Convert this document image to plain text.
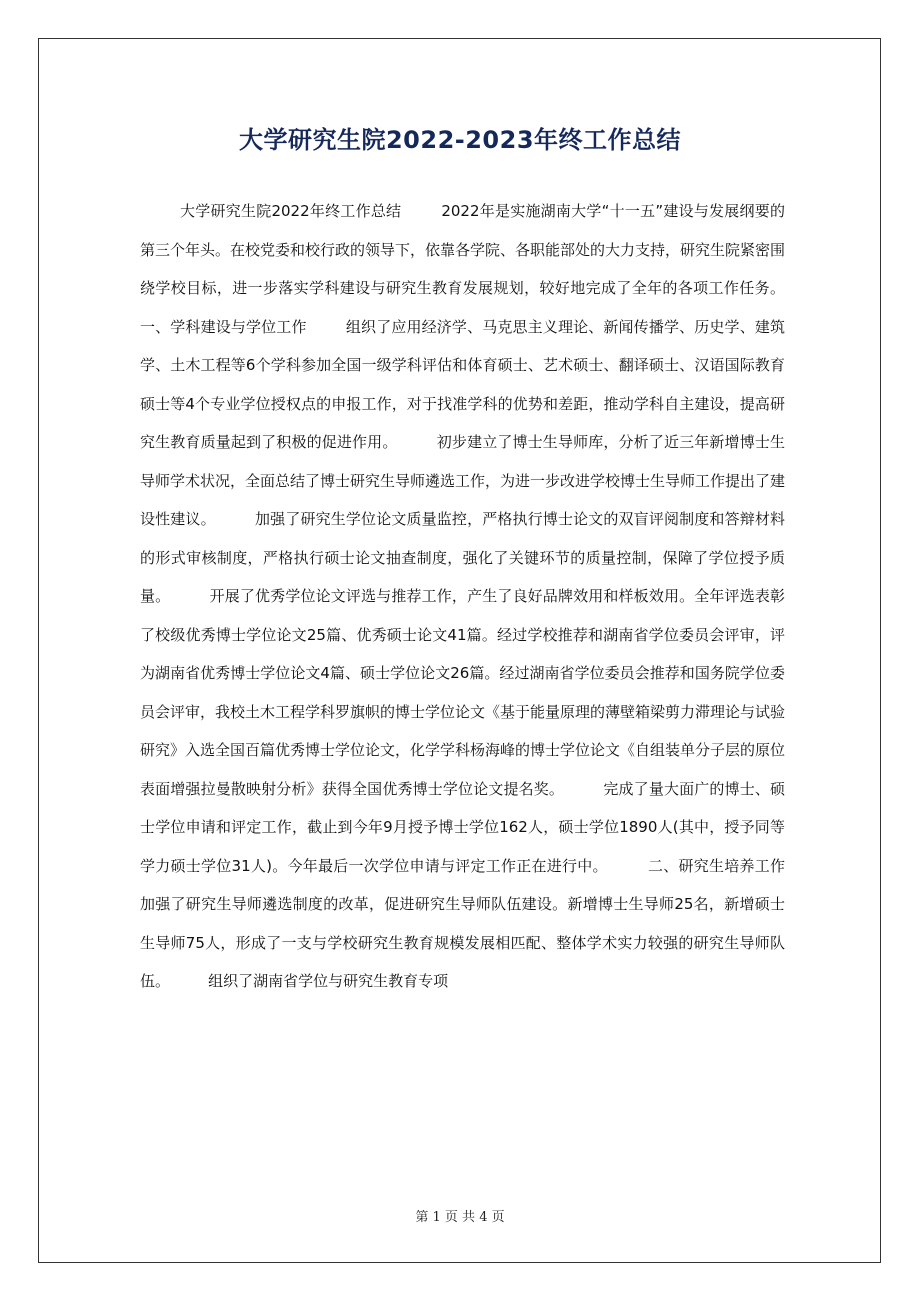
大学研究生院2022-2023年终工作总结
大学研究生院2022年终工作总结        2022年是实施湖南大学“十一五”建设与发展纲要的第三个年头。在校党委和校行政的领导下，依靠各学院、各职能部处的大力支持，研究生院紧密围绕学校目标，进一步落实学科建设与研究生教育发展规划，较好地完成了全年的各项工作任务。        一、学科建设与学位工作        组织了应用经济学、马克思主义理论、新闻传播学、历史学、建筑学、土木工程等6个学科参加全国一级学科评估和体育硕士、艺术硕士、翻译硕士、汉语国际教育硕士等4个专业学位授权点的申报工作，对于找准学科的优势和差距，推动学科自主建设，提高研究生教育质量起到了积极的促进作用。        初步建立了博士生导师库，分析了近三年新增博士生导师学术状况，全面总结了博士研究生导师遴选工作，为进一步改进学校博士生导师工作提出了建设性建议。        加强了研究生学位论文质量监控，严格执行博士论文的双盲评阅制度和答辩材料的形式审核制度，严格执行硕士论文抽查制度，强化了关键环节的质量控制，保障了学位授予质量。        开展了优秀学位论文评选与推荐工作，产生了良好品牌效用和样板效用。全年评选表彰了校级优秀博士学位论文25篇、优秀硕士论文41篇。经过学校推荐和湖南省学位委员会评审，评为湖南省优秀博士学位论文4篇、硕士学位论文26篇。经过湖南省学位委员会推荐和国务院学位委员会评审，我校土木工程学科罗旗帜的博士学位论文《基于能量原理的薄壁箱梁剪力滞理论与试验研究》入选全国百篇优秀博士学位论文，化学学科杨海峰的博士学位论文《自组装单分子层的原位表面增强拉曼散映射分析》获得全国优秀博士学位论文提名奖。        完成了量大面广的博士、硕士学位申请和评定工作，截止到今年9月授予博士学位162人，硕士学位1890人(其中，授予同等学力硕士学位31人)。今年最后一次学位申请与评定工作正在进行中。        二、研究生培养工作        加强了研究生导师遴选制度的改革，促进研究生导师队伍建设。新增博士生导师25名，新增硕士生导师75人，形成了一支与学校研究生教育规模发展相匹配、整体学术实力较强的研究生导师队伍。        组织了湖南省学位与研究生教育专项
第 1 页 共 4 页
